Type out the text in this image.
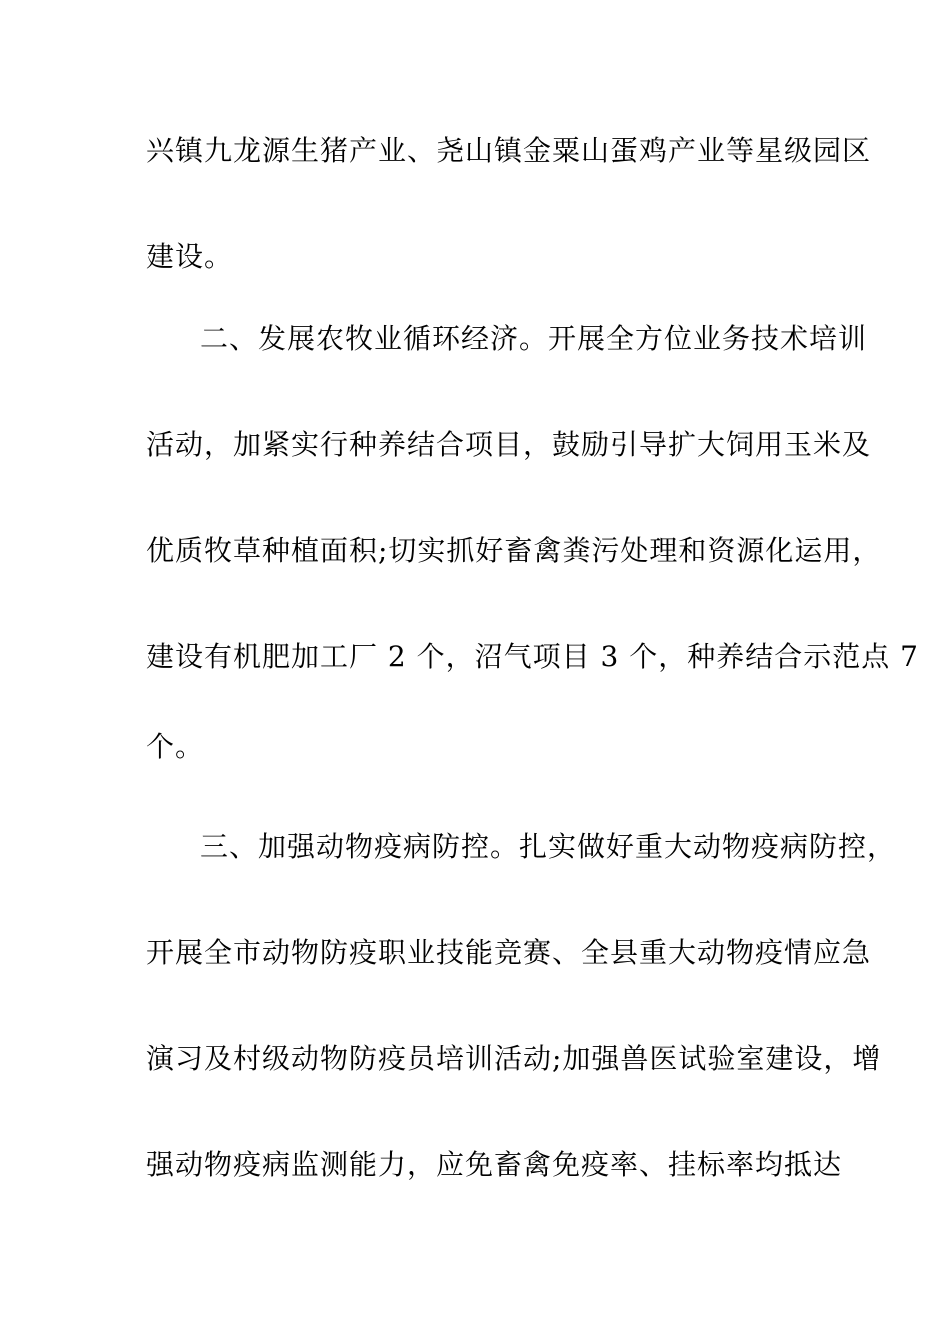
兴镇九龙源生猪产业、尧山镇金粟山蛋鸡产业等星级园区
建设。
二、发展农牧业循环经济。开展全方位业务技术培训
活动，加紧实行种养结合项目，鼓励引导扩大饲用玉米及
优质牧草种植面积;切实抓好畜禽粪污处理和资源化运用，
建设有机肥加工厂 2 个，沼气项目 3 个，种养结合示范点 7
个。
三、加强动物疫病防控。扎实做好重大动物疫病防控，
开展全市动物防疫职业技能竞赛、全县重大动物疫情应急
演习及村级动物防疫员培训活动;加强兽医试验室建设，增
强动物疫病监测能力，应免畜禽免疫率、挂标率均抵达
